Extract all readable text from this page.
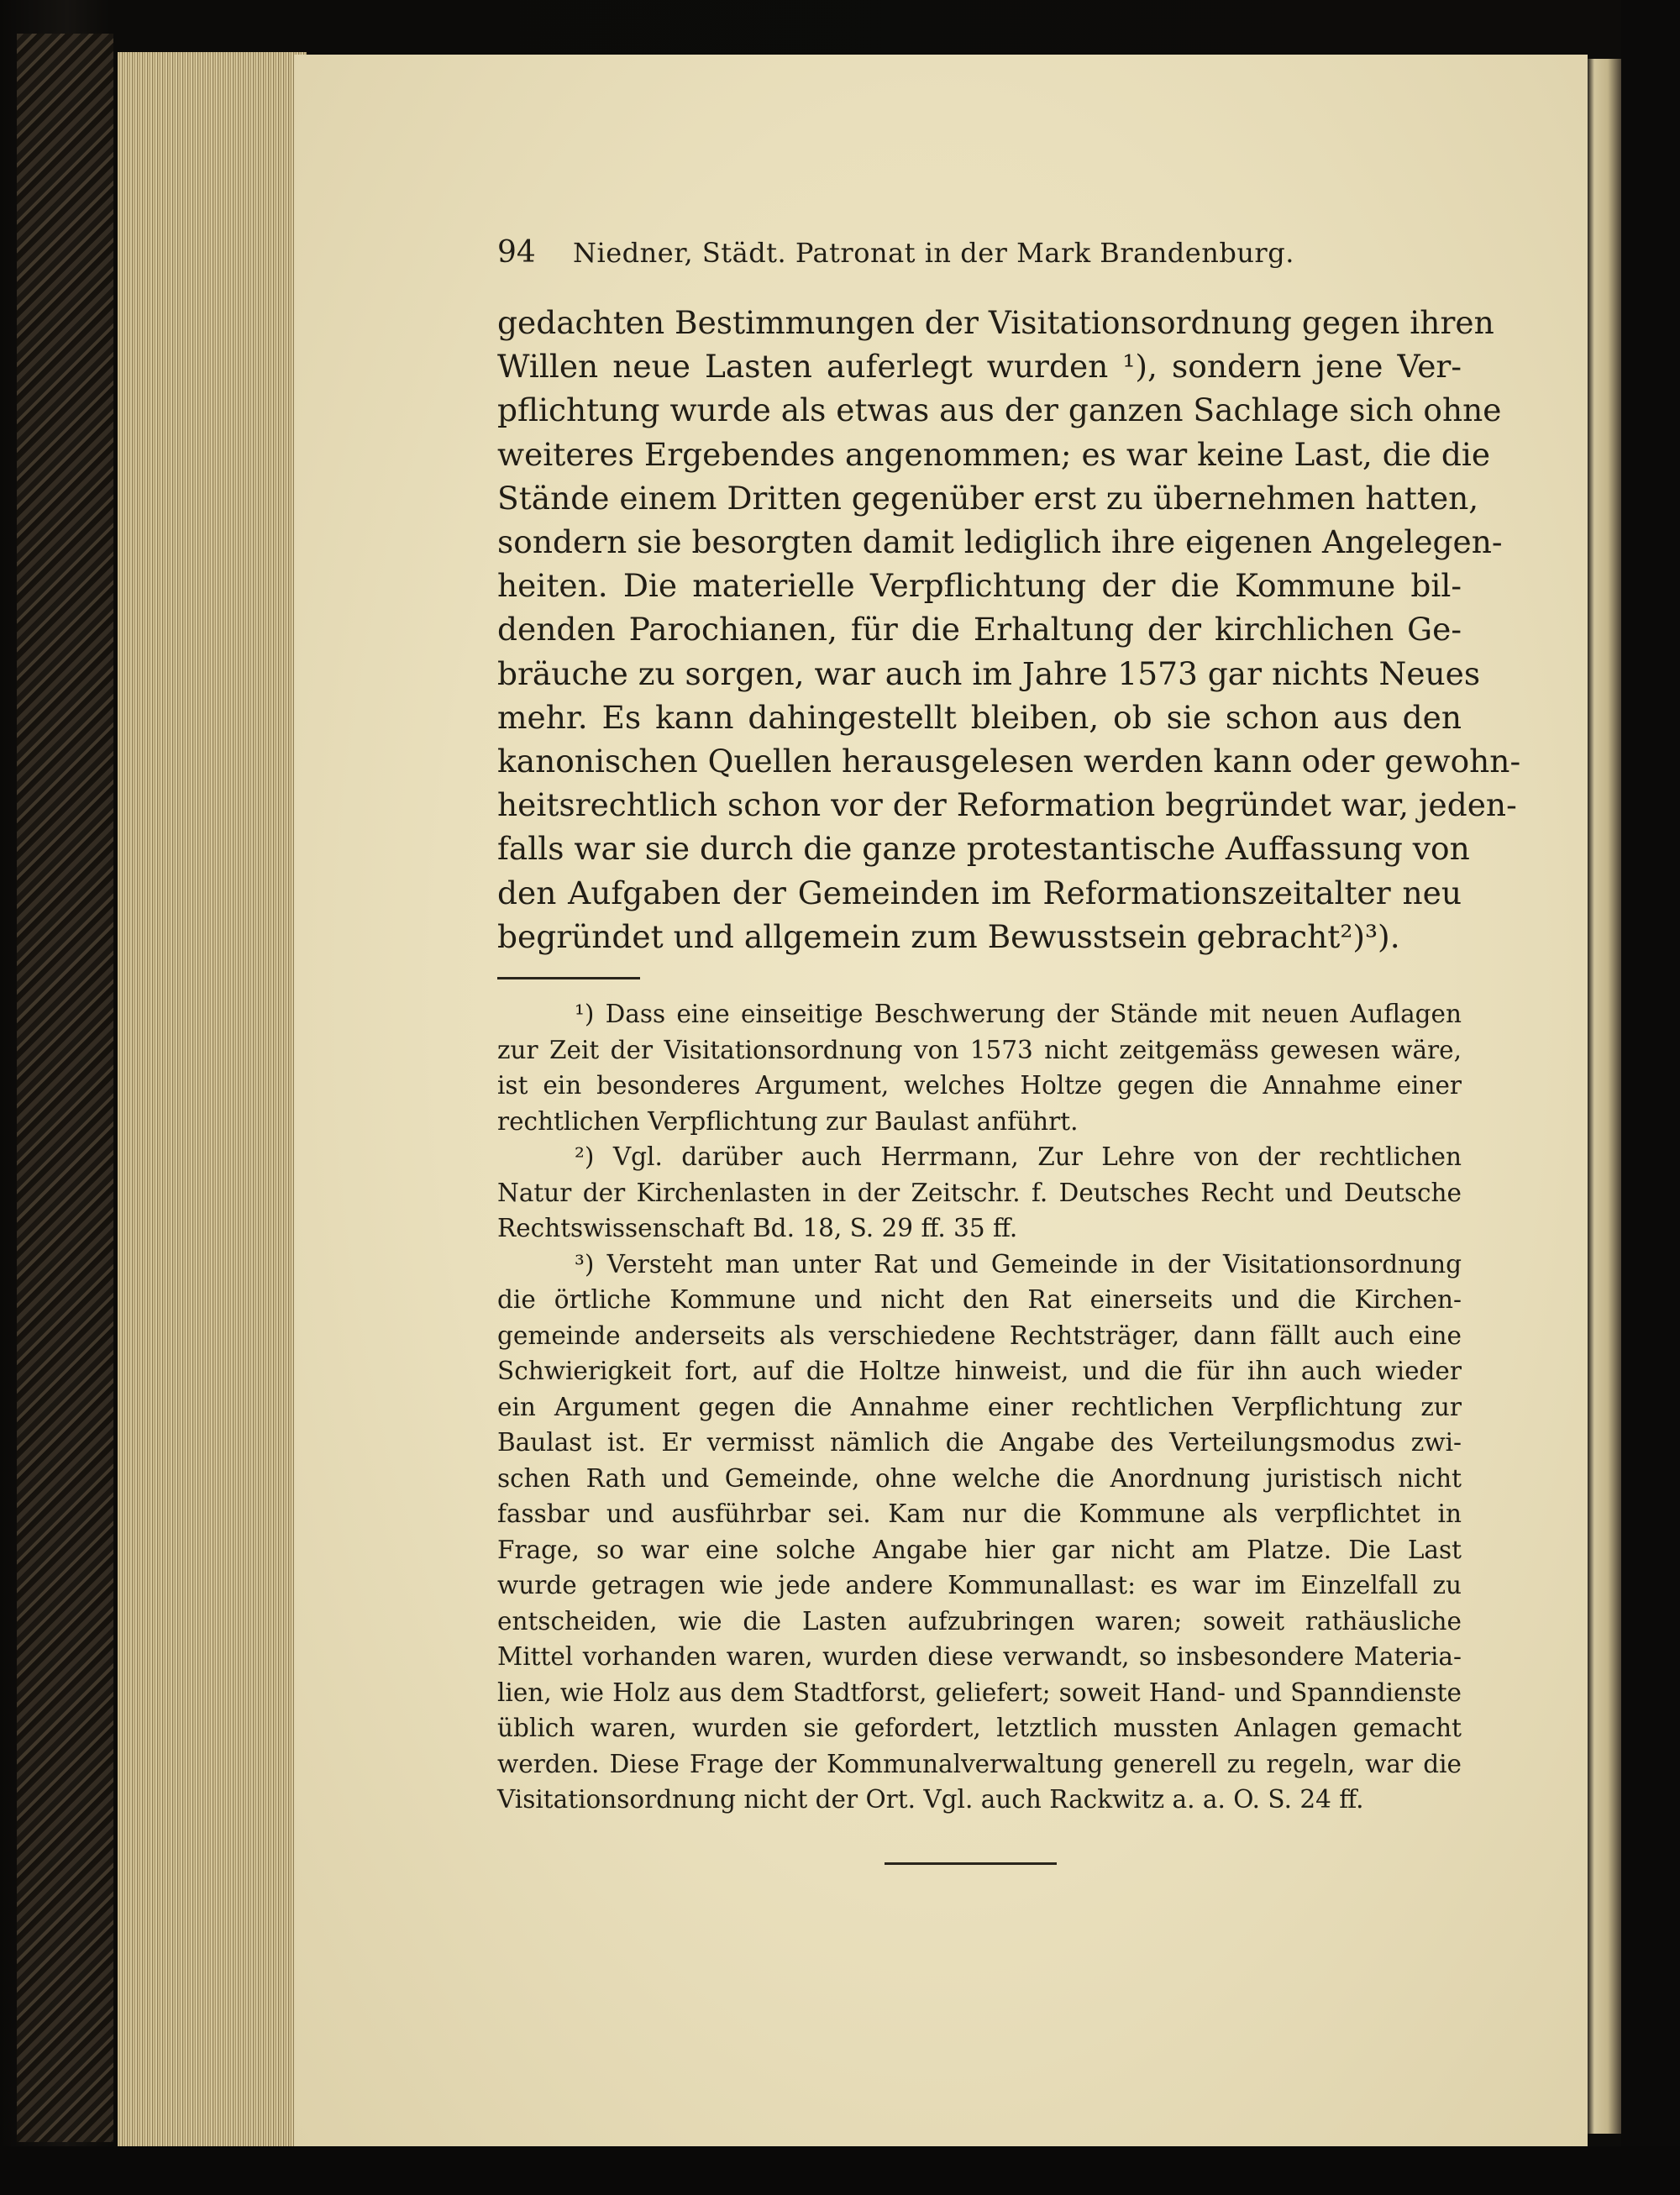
94	Niedner, Städt. Patronat in der Mark Brandenburg.
gedachten Bestimmungen der Visitationsordnung gegen ihren
Willen neue Lasten auferlegt wurden ¹), sondern jene Ver-
pflichtung wurde als etwas aus der ganzen Sachlage sich ohne
weiteres Ergebendes angenommen; es war keine Last, die die
Stände einem Dritten gegenüber erst zu übernehmen hatten,
sondern sie besorgten damit lediglich ihre eigenen Angelegen-
heiten. Die materielle Verpflichtung der die Kommune bil-
denden Parochianen, für die Erhaltung der kirchlichen Ge-
bräuche zu sorgen, war auch im Jahre 1573 gar nichts Neues
mehr. Es kann dahingestellt bleiben, ob sie schon aus den
kanonischen Quellen herausgelesen werden kann oder gewohn-
heitsrechtlich schon vor der Reformation begründet war, jeden-
falls war sie durch die ganze protestantische Auffassung von
den Aufgaben der Gemeinden im Reformationszeitalter neu
begründet und allgemein zum Bewusstsein gebracht²)³).
¹) Dass eine einseitige Beschwerung der Stände mit neuen Auflagen
zur Zeit der Visitationsordnung von 1573 nicht zeitgemäss gewesen wäre,
ist ein besonderes Argument, welches Holtze gegen die Annahme einer
rechtlichen Verpflichtung zur Baulast anführt.
²) Vgl. darüber auch Herrmann, Zur Lehre von der rechtlichen
Natur der Kirchenlasten in der Zeitschr. f. Deutsches Recht und Deutsche
Rechtswissenschaft Bd. 18, S. 29 ff. 35 ff.
³) Versteht man unter Rat und Gemeinde in der Visitationsordnung
die örtliche Kommune und nicht den Rat einerseits und die Kirchen-
gemeinde anderseits als verschiedene Rechtsträger, dann fällt auch eine
Schwierigkeit fort, auf die Holtze hinweist, und die für ihn auch wieder
ein Argument gegen die Annahme einer rechtlichen Verpflichtung zur
Baulast ist. Er vermisst nämlich die Angabe des Verteilungsmodus zwi-
schen Rath und Gemeinde, ohne welche die Anordnung juristisch nicht
fassbar und ausführbar sei. Kam nur die Kommune als verpflichtet in
Frage, so war eine solche Angabe hier gar nicht am Platze. Die Last
wurde getragen wie jede andere Kommunallast: es war im Einzelfall zu
entscheiden, wie die Lasten aufzubringen waren; soweit rathäusliche
Mittel vorhanden waren, wurden diese verwandt, so insbesondere Materia-
lien, wie Holz aus dem Stadtforst, geliefert; soweit Hand- und Spanndienste
üblich waren, wurden sie gefordert, letztlich mussten Anlagen gemacht
werden. Diese Frage der Kommunalverwaltung generell zu regeln, war die
Visitationsordnung nicht der Ort. Vgl. auch Rackwitz a. a. O. S. 24 ff.
